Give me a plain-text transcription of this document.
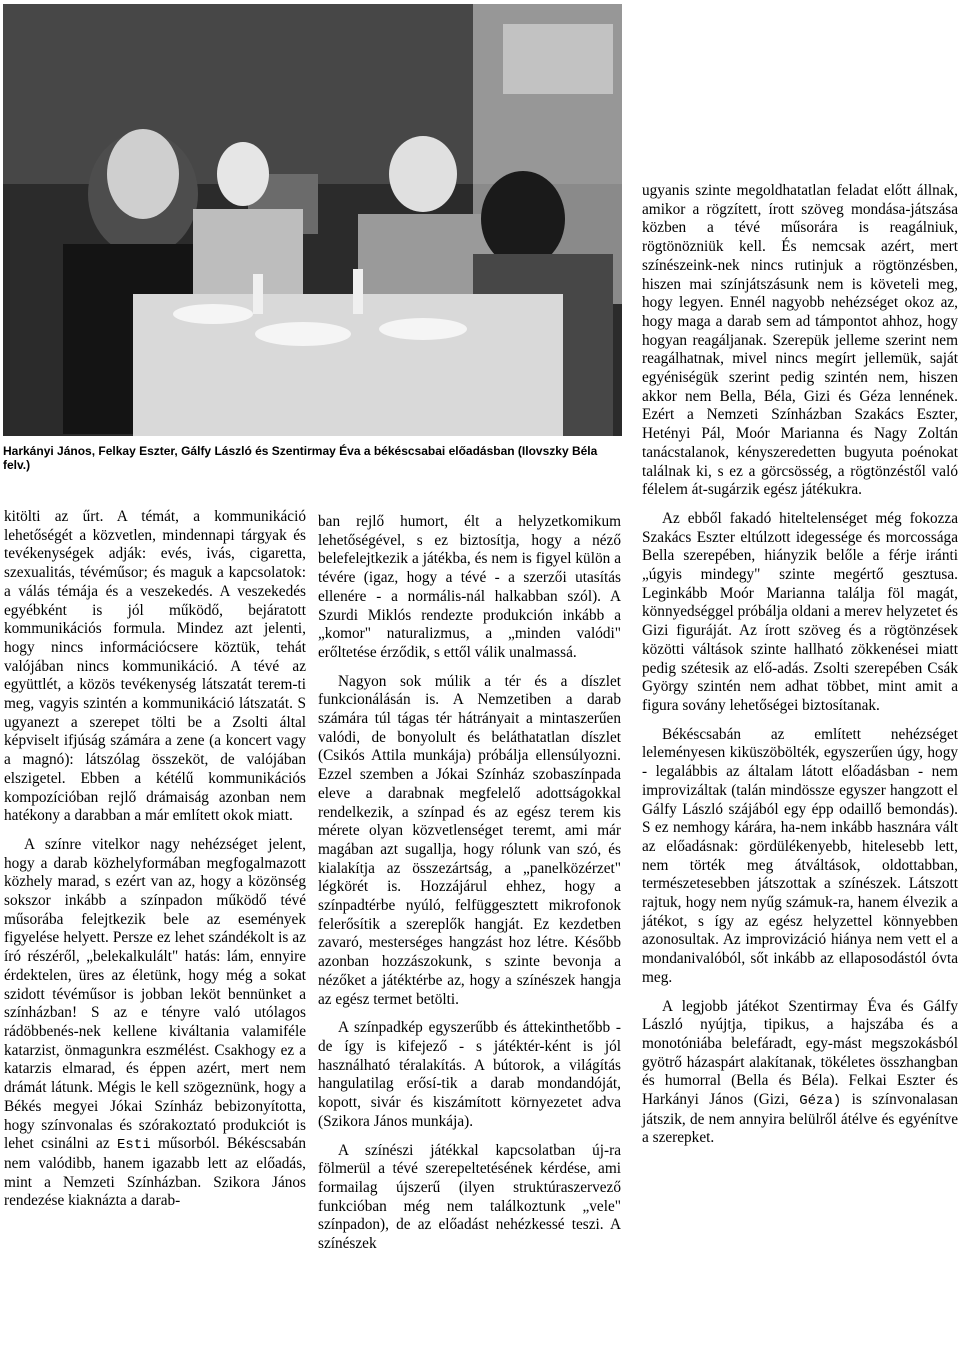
Harkányi János, Felkay Eszter, Gálfy László és Szentirmay Éva a békéscsabai előadásban (Ilovszky Béla felv.)

kitölti az űrt. A témát, a kommunikáció lehetőségét a közvetlen, mindennapi tárgyak és tevékenységek adják: evés, ivás, cigaretta, szexualitás, tévéműsor; és maguk a kapcsolatok: a válás témája és a veszekedés. A veszekedés egyébként is jól működő, bejáratott kommunikációs formula. Mindez azt jelenti, hogy nincs információcsere köztük, tehát valójában nincs kommunikáció. A tévé az együttlét, a közös tevékenység látszatát terem-ti meg, vagyis szintén a kommunikáció látszatát. S ugyanezt a szerepet tölti be a Zsolti által képviselt ifjúság számára a zene (a koncert vagy a magnó): látszólag összeköt, de valójában elszigetel. Ebben a kétélű kommunikációs kompozícióban rejlő drámaiság azonban nem hatékony a darabban a már említett okok miatt.

A színre vitelkor nagy nehézséget jelent, hogy a darab közhelyformában megfogalmazott közhely marad, s ezért van az, hogy a közönség sokszor inkább a színpadon működő tévé műsorába felejtkezik bele az események figyelése helyett. Persze ez lehet szándékolt is az író részéről, „belekalkulált" hatás: lám, ennyire érdektelen, üres az életünk, hogy még a sokat szidott tévéműsor is jobban leköt bennünket a színházban! S az e tényre való utólagos rádöbbenés-nek kellene kiváltania valamiféle katarzist, önmagunkra eszmélést. Csakhogy ez a katarzis elmarad, és éppen azért, mert nem drámát látunk. Mégis le kell szögeznünk, hogy a Békés megyei Jókai Színház bebizonyította, hogy színvonalas és szórakoztató produkciót is lehet csinálni az Esti műsorból. Békéscsabán nem valódibb, hanem igazabb lett az előadás, mint a Nemzeti Színházban. Szikora János rendezése kiaknázta a darab-

ban rejlő humort, élt a helyzetkomikum lehetőségével, s ez biztosítja, hogy a néző belefelejtkezik a játékba, és nem is figyel külön a tévére (igaz, hogy a tévé - a szerzői utasítás ellenére - a normális-nál halkabban szól). A Szurdi Miklós rendezte produkción inkább a „komor" naturalizmus, a „minden valódi" erőltetése érződik, s ettől válik unalmassá.

Nagyon sok múlik a tér és a díszlet funkcionálásán is. A Nemzetiben a darab számára túl tágas tér hátrányait a mintaszerűen valódi, de bonyolult és beláthatatlan díszlet (Csikós Attila munkája) próbálja ellensúlyozni. Ezzel szemben a Jókai Színház szobaszínpada eleve a darabnak megfelelő adottságokkal rendelkezik, a színpad és az egész terem kis mérete olyan közvetlenséget teremt, ami már magában azt sugallja, hogy rólunk van szó, és kialakítja az összezártság, a „panelközérzet" légkörét is. Hozzájárul ehhez, hogy a színpadtérbe nyúló, felfüggesztett mikrofonok felerősítik a szereplők hangját. Ez kezdetben zavaró, mesterséges hangzást hoz létre. Később azonban hozzászokunk, s szinte bevonja a nézőket a játéktérbe az, hogy a színészek hangja az egész termet betölti.

A színpadkép egyszerűbb és áttekinthetőbb - de így is kifejező - s játéktér-ként is jól használható téralakítás. A bútorok, a világítás hangulatilag erősí-tik a darab mondandóját, kopott, sivár és kiszámított környezetet adva (Szikora János munkája).

A színészi játékkal kapcsolatban új-ra fölmerül a tévé szerepeltetésének kérdése, ami formailag újszerű (ilyen struktúraszervező funkcióban még nem találkoztunk „vele" színpadon), de az előadást nehézkessé teszi. A színészek

ugyanis szinte megoldhatatlan feladat előtt állnak, amikor a rögzített, írott szöveg mondása-játszása közben a tévé műsorára is reagálniuk, rögtönözniük kell. És nemcsak azért, mert színészeink-nek nincs rutinjuk a rögtönzésben, hiszen mai színjátszásunk nem is követeli meg, hogy legyen. Ennél nagyobb nehézséget okoz az, hogy maga a darab sem ad támpontot ahhoz, hogy hogyan reagáljanak. Szerepük jelleme szerint nem reagálhatnak, mivel nincs megírt jellemük, saját egyéniségük szerint pedig szintén nem, hiszen akkor nem Bella, Béla, Gizi és Géza lennének. Ezért a Nemzeti Színházban Szakács Eszter, Hetényi Pál, Moór Marianna és Nagy Zoltán tanácstalanok, kényszeredetten bugyuta poénokat találnak ki, s ez a görcsösség, a rögtönzéstől való félelem át-sugárzik egész játékukra.

Az ebből fakadó hiteltelenséget még fokozza Szakács Eszter eltúlzott idegessége és morcossága Bella szerepében, hiányzik belőle a férje iránti „úgyis mindegy" szinte megértő gesztusa. Leginkább Moór Marianna találja föl magát, könnyedséggel próbálja oldani a merev helyzetet és Gizi figuráját. Az írott szöveg és a rögtönzések közötti váltások szinte hallható zökkenései miatt pedig szétesik az elő-adás. Zsolti szerepében Csák György szintén nem adhat többet, mint amit a figura sovány lehetőségei biztosítanak.

Békéscsabán az említett nehézséget leleményesen kiküszöbölték, egyszerűen úgy, hogy - legalábbis az általam látott előadásban - nem improvizáltak (talán mindössze egyszer hangzott el Gálfy László szájából egy épp odaillő bemondás). S ez nemhogy kárára, ha-nem inkább hasznára vált az előadásnak: gördülékenyebb, hitelesebb lett, nem törték meg átváltások, oldottabban, természetesebben játszottak a színészek. Látszott rajtuk, hogy nem nyűg számuk-ra, hanem élvezik a játékot, s így az egész helyzettel könnyebben azonosultak. Az improvizáció hiánya nem vett el a mondanivalóból, sőt inkább az ellaposodástól óvta meg.

A legjobb játékot Szentirmay Éva és Gálfy László nyújtja, tipikus, a hajszába és a monotóniába belefáradt, egy-mást megszokásból gyötrő házaspárt alakítanak, tökéletes összhangban és humorral (Bella és Béla). Felkai Eszter és Harkányi János (Gizi, Géza) is színvonalasan játszik, de nem annyira belülről átélve és egyénítve a szerepket.
